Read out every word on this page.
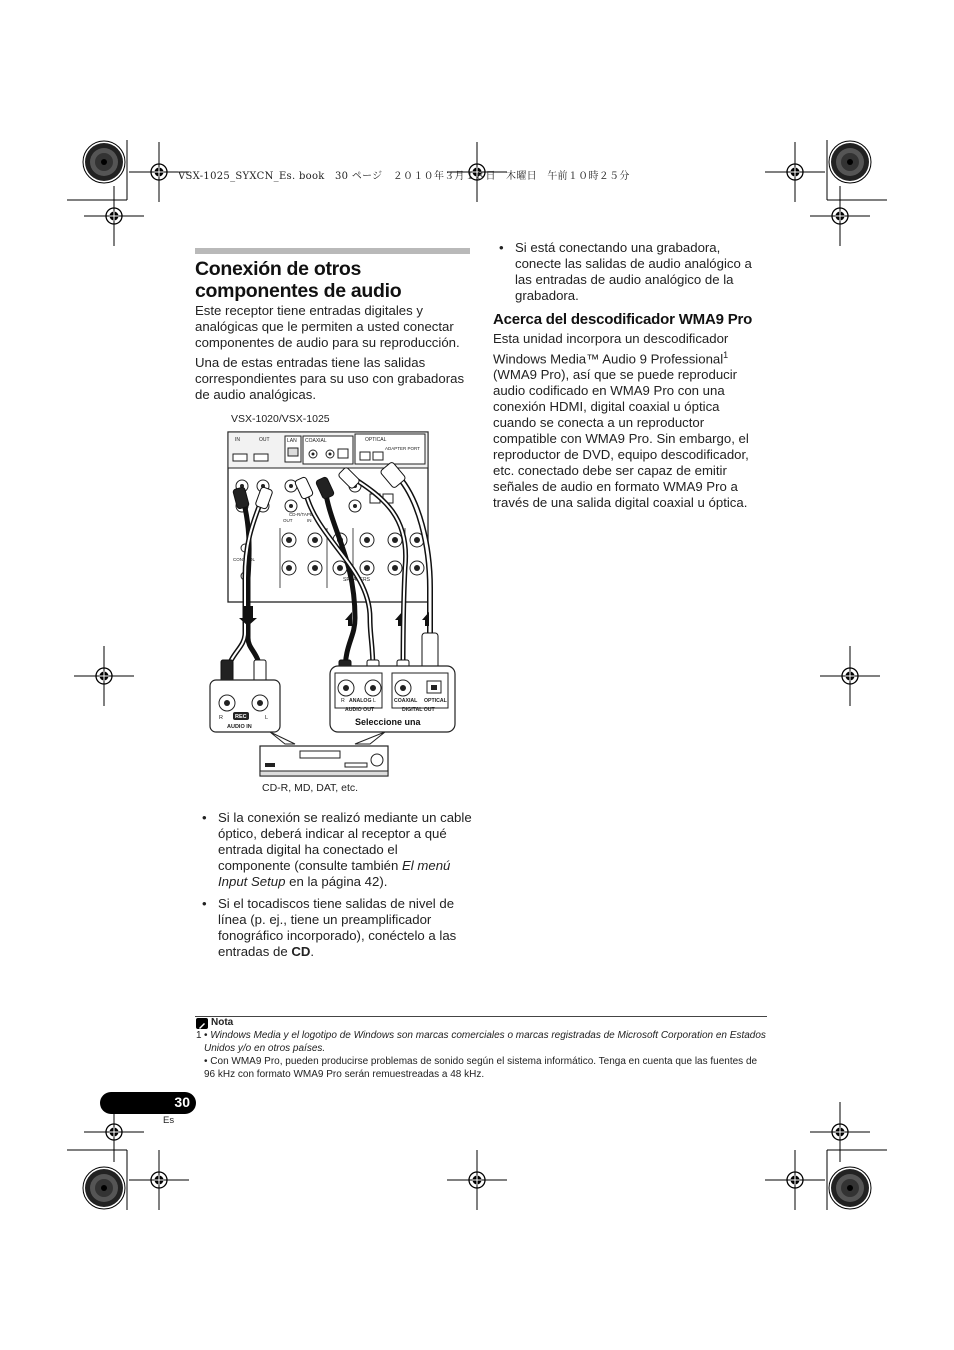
VSX-1025_SYXCN_Es. book　30 ページ　２０１０年３月１８日　木曜日　午前１０時２５分
Conexión de otros componentes de audio
Este receptor tiene entradas digitales y analógicas que le permiten a usted conectar componentes de audio para su reproducción.
Una de estas entradas tiene las salidas correspondientes para su uso con grabadoras de audio analógicas.
VSX-1020/VSX-1025
IN	OUT	LAN COAXIAL	OPTICAL
ADAPTER PORT
CD-R/TAPE
OUT	IN
CONTROL
SPEAKERS
R REC	L
AUDIO IN
R ANALOG L
AUDIO OUT
COAXIAL OPTICAL
DIGITAL OUT
Seleccione una
CD-R, MD, DAT, etc.
• Si la conexión se realizó mediante un cable óptico, deberá indicar al receptor a qué entrada digital ha conectado el componente (consulte también El menú Input Setup en la página 42).
• Si el tocadiscos tiene salidas de nivel de línea (p. ej., tiene un preamplificador fonográfico incorporado), conéctelo a las entradas de CD.
• Si está conectando una grabadora, conecte las salidas de audio analógico a las entradas de audio analógico de la grabadora.
Acerca del descodificador WMA9 Pro
Esta unidad incorpora un descodificador Windows Media™ Audio 9 Professional$^1$ (WMA9 Pro), así que se puede reproducir audio codificado en WMA9 Pro con una conexión HDMI, digital coaxial u óptica cuando se conecta a un reproductor compatible con WMA9 Pro. Sin embargo, el reproductor de DVD, equipo descodificador, etc. conectado debe ser capaz de emitir señales de audio en formato WMA9 Pro a través de una salida digital coaxial u óptica.
Nota
1 • Windows Media y el logotipo de Windows son marcas comerciales o marcas registradas de Microsoft Corporation en Estados Unidos y/o en otros países.
• Con WMA9 Pro, pueden producirse problemas de sonido según el sistema informático. Tenga en cuenta que las fuentes de 96 kHz con formato WMA9 Pro serán remuestreadas a 48 kHz.
30
Es
